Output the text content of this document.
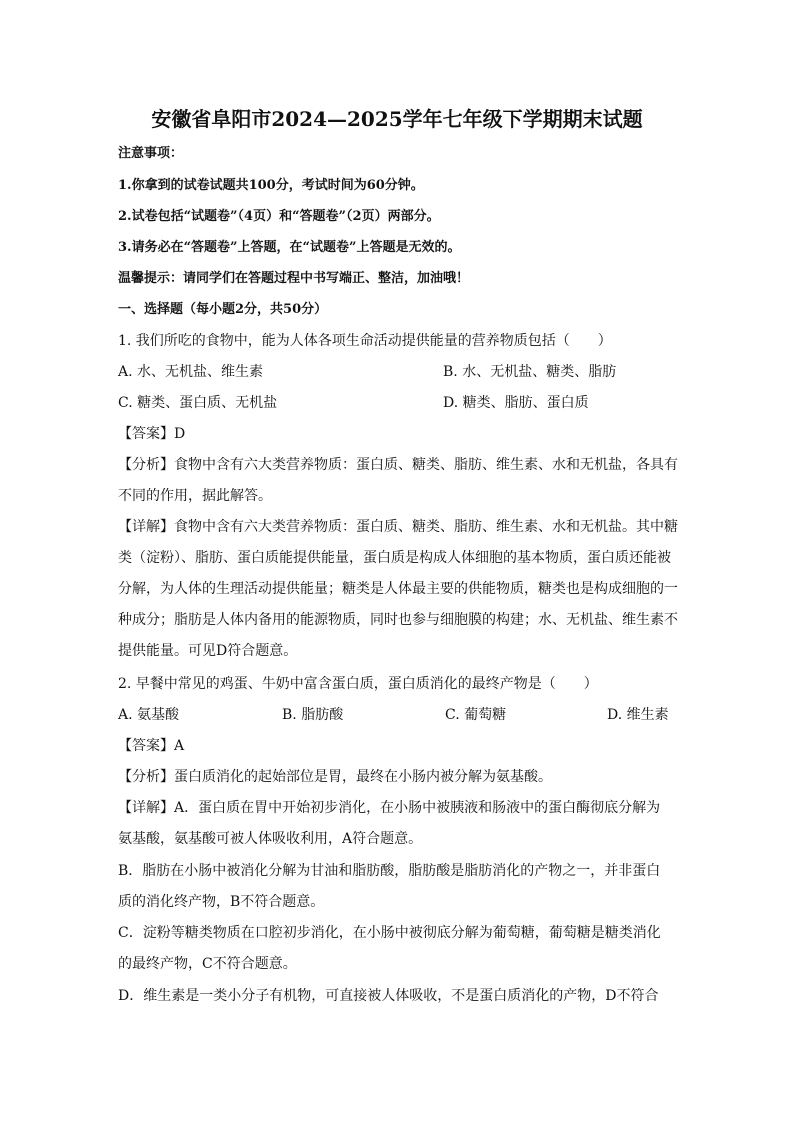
安徽省阜阳市2024—2025学年七年级下学期期末试题
注意事项：
1.你拿到的试卷试题共100分，考试时间为60分钟。
2.试卷包括“试题卷”（4页）和“答题卷”（2页）两部分。
3.请务必在“答题卷”上答题，在“试题卷”上答题是无效的。
温馨提示：请同学们在答题过程中书写端正、整洁，加油哦！
一、选择题（每小题2分，共50分）
1. 我们所吃的食物中，能为人体各项生命活动提供能量的营养物质包括（　　）
A. 水、无机盐、维生素	B. 水、无机盐、糖类、脂肪
C. 糖类、蛋白质、无机盐	D. 糖类、脂肪、蛋白质
【答案】D
【分析】食物中含有六大类营养物质：蛋白质、糖类、脂肪、维生素、水和无机盐，各具有
不同的作用，据此解答。
【详解】食物中含有六大类营养物质：蛋白质、糖类、脂肪、维生素、水和无机盐。其中糖
类（淀粉）、脂肪、蛋白质能提供能量，蛋白质是构成人体细胞的基本物质，蛋白质还能被
分解，为人体的生理活动提供能量；糖类是人体最主要的供能物质，糖类也是构成细胞的一
种成分；脂肪是人体内备用的能源物质，同时也参与细胞膜的构建；水、无机盐、维生素不
提供能量。可见D符合题意。
2. 早餐中常见的鸡蛋、牛奶中富含蛋白质，蛋白质消化的最终产物是（　　）
A. 氨基酸	B. 脂肪酸	C. 葡萄糖	D. 维生素
【答案】A
【分析】蛋白质消化的起始部位是胃，最终在小肠内被分解为氨基酸。
【详解】A．蛋白质在胃中开始初步消化，在小肠中被胰液和肠液中的蛋白酶彻底分解为
氨基酸，氨基酸可被人体吸收利用，A符合题意。
B．脂肪在小肠中被消化分解为甘油和脂肪酸，脂肪酸是脂肪消化的产物之一，并非蛋白
质的消化终产物，B不符合题意。
C．淀粉等糖类物质在口腔初步消化，在小肠中被彻底分解为葡萄糖，葡萄糖是糖类消化
的最终产物，C不符合题意。
D．维生素是一类小分子有机物，可直接被人体吸收，不是蛋白质消化的产物，D不符合
